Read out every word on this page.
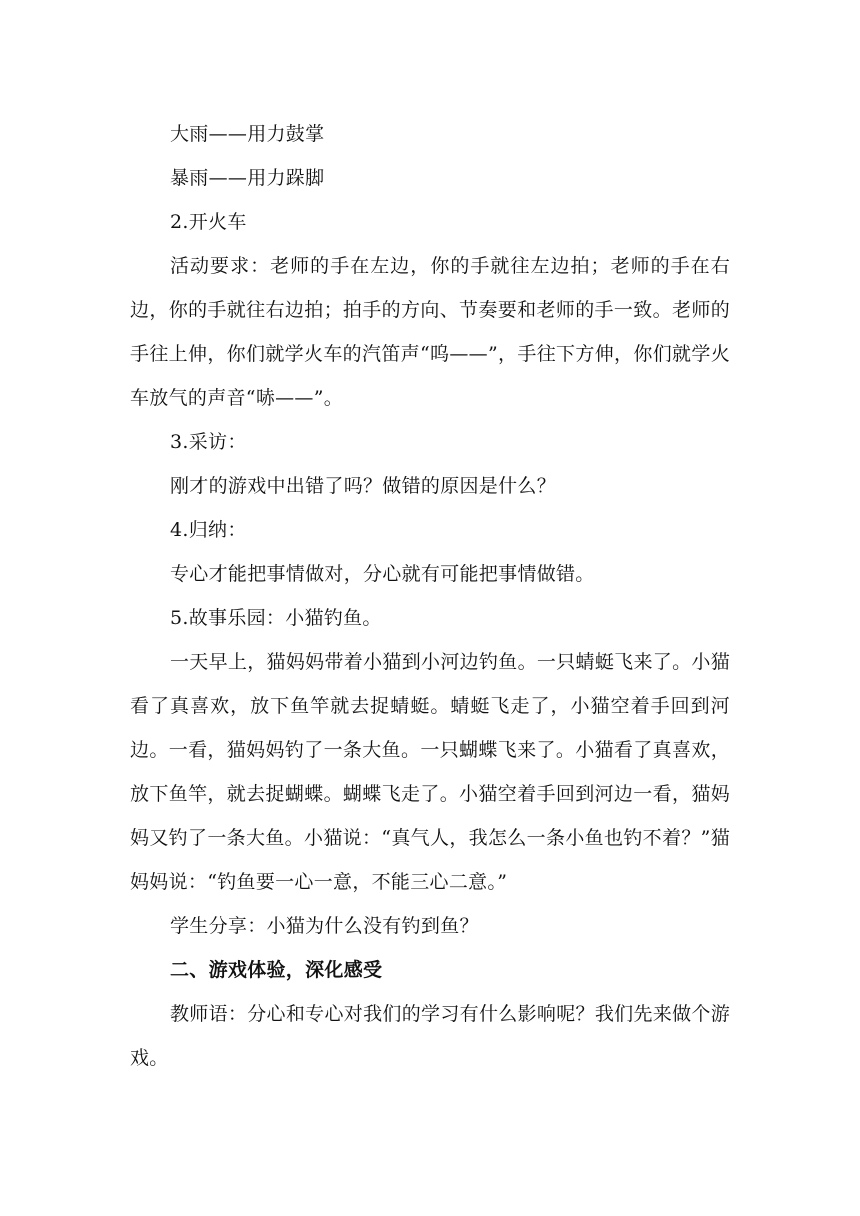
大雨——用力鼓掌

暴雨——用力跺脚

2.开火车

活动要求：老师的手在左边，你的手就往左边拍；老师的手在右边，你的手就往右边拍；拍手的方向、节奏要和老师的手一致。老师的手往上伸，你们就学火车的汽笛声“呜——”，手往下方伸，你们就学火车放气的声音“哧——”。

3.采访：

刚才的游戏中出错了吗？做错的原因是什么？

4.归纳：

专心才能把事情做对，分心就有可能把事情做错。

5.故事乐园：小猫钓鱼。

一天早上，猫妈妈带着小猫到小河边钓鱼。一只蜻蜓飞来了。小猫看了真喜欢，放下鱼竿就去捉蜻蜓。蜻蜓飞走了，小猫空着手回到河边。一看，猫妈妈钓了一条大鱼。一只蝴蝶飞来了。小猫看了真喜欢，放下鱼竿，就去捉蝴蝶。蝴蝶飞走了。小猫空着手回到河边一看，猫妈妈又钓了一条大鱼。小猫说：“真气人，我怎么一条小鱼也钓不着？”猫妈妈说：“钓鱼要一心一意，不能三心二意。”

学生分享：小猫为什么没有钓到鱼？

二、游戏体验，深化感受

教师语：分心和专心对我们的学习有什么影响呢？我们先来做个游戏。
